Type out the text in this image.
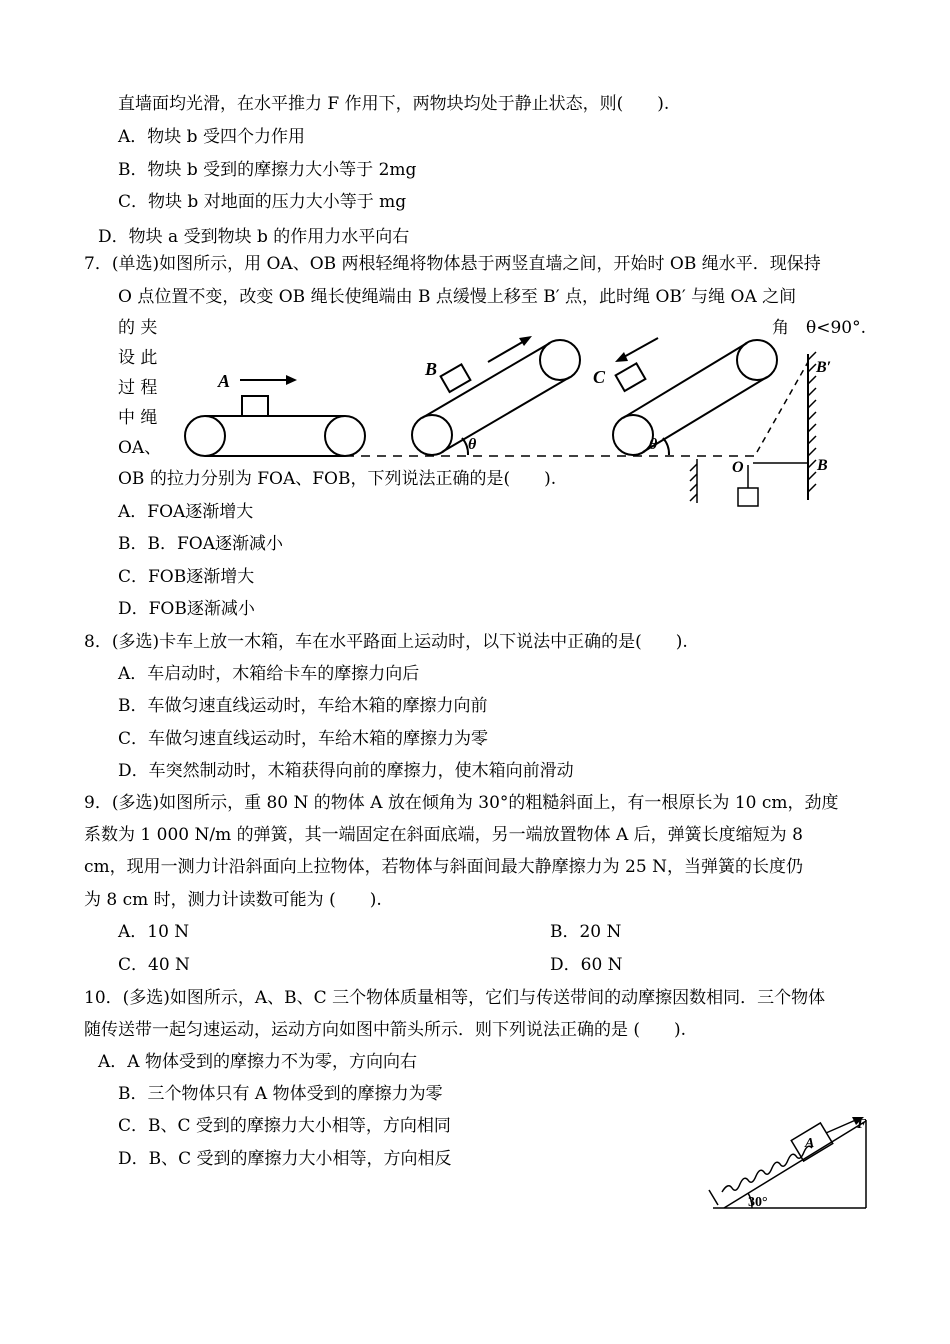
直墙面均光滑，在水平推力 F 作用下，两物块均处于静止状态，则(　　).
A．物块 b 受四个力作用
B．物块 b 受到的摩擦力大小等于 2mg
C．物块 b 对地面的压力大小等于 mg
D．物块 a 受到物块 b 的作用力水平向右
7．(单选)如图所示，用 OA、OB 两根轻绳将物体悬于两竖直墙之间，开始时 OB 绳水平．现保持
O 点位置不变，改变 OB 绳长使绳端由 B 点缓慢上移至 B′ 点，此时绳 OB′ 与绳 OA 之间
的 夹	角　θ<90°.
设 此
过 程
中 绳
OA、
OB 的拉力分别为 FOA、FOB，下列说法正确的是(　　).
A．FOA逐渐增大
B．B．FOA逐渐减小
C．FOB逐渐增大
D．FOB逐渐减小
8．(多选)卡车上放一木箱，车在水平路面上运动时，以下说法中正确的是(　　).
A．车启动时，木箱给卡车的摩擦力向后
B．车做匀速直线运动时，车给木箱的摩擦力向前
C．车做匀速直线运动时，车给木箱的摩擦力为零
D．车突然制动时，木箱获得向前的摩擦力，使木箱向前滑动
9．(多选)如图所示，重 80 N 的物体 A 放在倾角为 30°的粗糙斜面上，有一根原长为 10 cm，劲度
系数为 1 000 N/m 的弹簧，其一端固定在斜面底端，另一端放置物体 A 后，弹簧长度缩短为 8
cm，现用一测力计沿斜面向上拉物体，若物体与斜面间最大静摩擦力为 25 N，当弹簧的长度仍
为 8 cm 时，测力计读数可能为 (　　).
A．10 N	B．20 N
C．40 N	D．60 N
10．(多选)如图所示，A、B、C 三个物体质量相等，它们与传送带间的动摩擦因数相同．三个物体
随传送带一起匀速运动，运动方向如图中箭头所示．则下列说法正确的是 (　　).
A．A 物体受到的摩擦力不为零，方向向右
B．三个物体只有 A 物体受到的摩擦力为零
C．B、C 受到的摩擦力大小相等，方向相同
D．B、C 受到的摩擦力大小相等，方向相反
A
B	C
θ	θ
O	B
B′
A
F
30°
